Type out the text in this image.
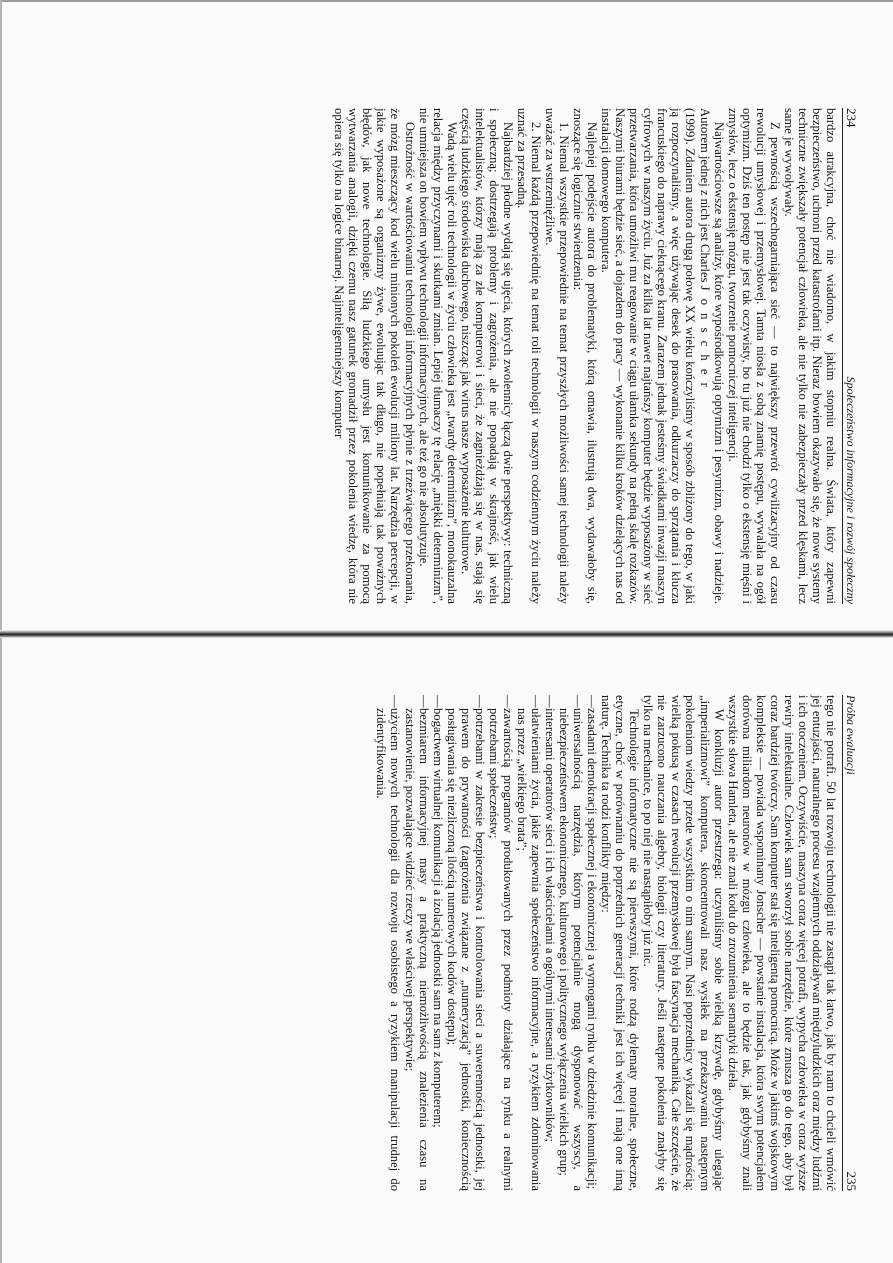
234
Społeczeństwo informacyjne i rozwój społeczny

bardzo atrakcyjna, choć nie wiadomo, w jakim stopniu realna. Świata, który zapewni bezpieczeństwo, uchroni przed katastrofami itp. Nieraz bowiem okazywało się, że nowe systemy techniczne zwiększały potencjał człowieka, ale nie tylko nie zabezpieczały przed klęskami, lecz same je wywoływały.

Z pewnością wszechogarniająca sieć — to największy przewrót cywilizacyjny od czasu rewolucji umysłowej i przemysłowej. Tamta niosła z sobą znamię postępu, wywalała na ogół optymizm. Dziś ten postęp nie jest tak oczywisty, bo tu już nie chodzi tylko o ekstensję mięśni i zmysłów, lecz o ekstensję mózgu, tworzenie pomocniczej inteligencji.

Najwartościowsze są analizy, które wypośrodkowują optymizm i pesymizm, obawy i nadzieje. Autorem jednej z nich jest Charles J o n s c h e r

(1999). Zdaniem autora drugą połowę XX wieku kończyliśmy w sposób zbliżony do tego, w jaki ją rozpoczynaliśmy, a więc używając desek do prasowania, odkurzaczy do sprzątania i klucza francuskiego do naprawy cieknącego kranu. Zarazem jednak jesteśmy świadkami inwazji maszyn cyfrowych w naszym życiu. Już za kilka lat nawet najtańszy komputer będzie wyposażony w sieć przetwarzania, która umożliwi mu reagowanie w ciągu ułamka sekundy na pełną skalę rozkazów. Naszymi biurami będzie sieć, a dojazdem do pracy — wykonanie kilku kroków dzielących nas od instalacji domowego komputera.

Najlepiej podejście autora do problematyki, którą omawia, ilustrują dwa, wydawałoby się, znoszące się logicznie stwierdzenia:

1. Niemal wszystkie przepowiednie na temat przyszłych możliwości samej technologii należy uważać za wstrzemięźliwe.

2. Niemal każdą przepowiednię na temat roli technologii w naszym codziennym życiu należy uznać za przesadną.

Najbardziej płodne wydają się ujęcia, których zwolennicy łączą dwie perspektywy: techniczną i społeczną; dostrzegają problemy i zagrożenia, ale nie popadają w skrajność, jak wielu intelektualistów, którzy mają za złe komputerowi i sieci, że zagnieżdżają się w nas, stają się częścią ludzkiego środowiska duchowego, niszcząc jak wirus nasze wyposażenie kulturowe.

Wadą wielu ujęć roli technologii w życiu człowieka jest „twardy determinizm”, monokauzalna relacja między przyczynami i skutkami zmian. Lepiej tłumaczy tę relację „miękki determinizm”, nie umniejsza on bowiem wpływu technologii informacyjnych, ale też go nie absolutyzuje.

Ostrożność w wartościowaniu technologii informacyjnych płynie z trzeźwiącego przekonania, że mózg mieszczący kod wielu minionych pokoleń ewolucji miliony lat. Narzędzia percepcji, w jakie wyposażone są organizmy żywe, ewoluując tak długo, nie popełniają tak poważnych błędów, jak nowe technologie. Siłą ludzkiego umysłu jest komunikowanie za pomocą wytwarzania analogii, dzięki czemu nasz gatunek gromadził przez pokolenia wiedzę, która nie opiera się tylko na logice binarnej. Najinteligentniejszy komputer

Próba ewaluacji
235

tego nie potrafi. 50 lat rozwoju technologii nie zastąpi tak łatwo, jak by nam to chcieli wmówić jej entuzjaści, naturalnego procesu wzajemnych oddziaływań międzyludzkich oraz między ludźmi i ich otoczeniem. Oczywiście, maszyna coraz więcej potrafi, wypycha człowieka w coraz wyższe rewiry intelektualne. Człowiek sam stworzył sobie narzędzie, które zmusza go do tego, aby był coraz bardziej twórczy. Sam komputer stał się inteligentą pomocnicą. Może w jakimś wojskowym kompleksie — powiada wspominany Jonscher — powstanie instalacja, która swym potencjałem dorówna miliardom neuronów w mózgu człowieka, ale to będzie tak, jak gdybyśmy znali wszystkie słowa Hamleta, ale nie znali kodu do zrozumienia semantyki dzieła.

W konkluzji autor przestrzega: uczyniliśmy sobie wielką krzywdę, gdybyśmy ulegając „imperializmowi” komputera, skoncentrowali nasz wysiłek na przekazywaniu następnym pokoleniom wiedzy przede wszystkim o nim samym. Nasi poprzednicy wykazali się mądrością: wielką pokusą w czasach rewolucji przemysłowej była fascynacja mechaniką. Całe szczęście, że nie zarzucono nauczania algebry, biologii czy literatury. Jeśli następne pokolenia znałyby się tylko na mechanice, to po niej nie nastąpiłoby już nic.

Technologie informatyczne nie są pierwszymi, które rodzą dylematy moralne, społeczne, etyczne, choć w porównaniu do poprzednich generacji techniki jest ich więcej i mają one inną naturę. Technika ta rodzi konflikty między:

— zasadami demokracji społecznej i ekonomicznej a wymogami rynku w dziedzinie komunikacji;
— uniwersalnością narzędzia, którym potencjalnie mogą dysponować wszyscy, a niebezpieczeństwem ekonomicznego, kulturowego i politycznego wyłączenia wielkich grup;
— interesami operatorów sieci i ich właścicielami a ogólnymi interesami użytkowników;
— ułatwieniami życia, jakie zapewnia społeczeństwo informacyjne, a ryzykiem zdominowania nas przez „wielkiego brata”;
— zawartością programów produkowanych przez podmioty działające na rynku a realnymi potrzebami społeczeństw;
— potrzebami w zakresie bezpieczeństwa i kontrolowania sieci a suwerennością jednostki, jej prawem do prywatności (zagrożenia związane z „numeryzacją” jednostki, koniecznością posługiwania się niezliczoną ilością numerowych kodów dostępu);
— bogactwem wirtualnej komunikacji a izolacją jednostki sam na sam z komputerem;
— bezmiarem informacyjnej masy a praktyczną niemożliwością znalezienia czasu na zastanowienie, pozwalające widzieć rzeczy we właściwej perspektywie;
— użyciem nowych technologii dla rozwoju osobistego a ryzykiem manipulacji trudnej do zidentyfikowania.
